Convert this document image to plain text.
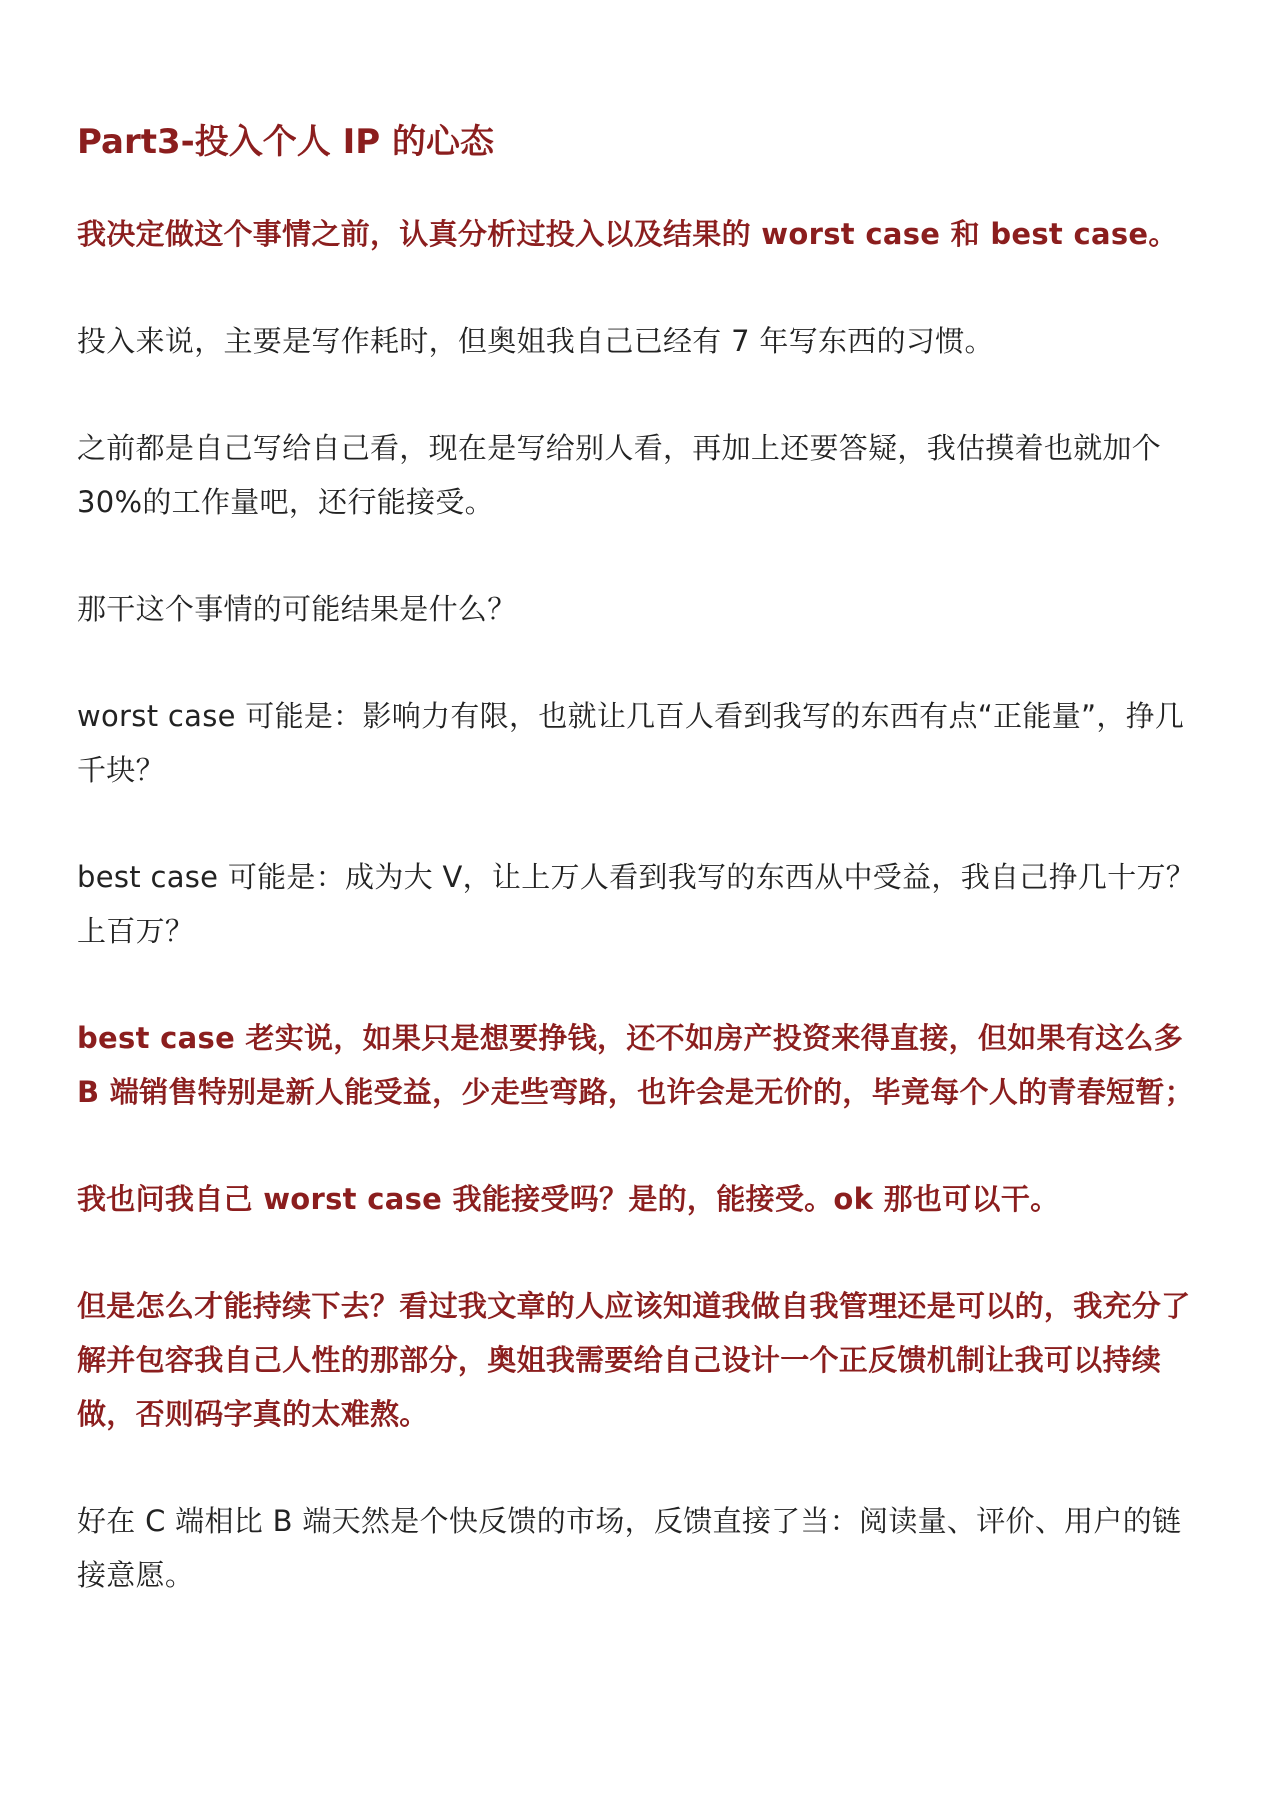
Part3-投入个人 IP 的心态

我决定做这个事情之前，认真分析过投入以及结果的 worst case 和 best case。

投入来说，主要是写作耗时，但奥姐我自己已经有 7 年写东西的习惯。

之前都是自己写给自己看，现在是写给别人看，再加上还要答疑，我估摸着也就加个 30%的工作量吧，还行能接受。

那干这个事情的可能结果是什么？

worst case 可能是：影响力有限，也就让几百人看到我写的东西有点“正能量”，挣几千块？

best case 可能是：成为大 V，让上万人看到我写的东西从中受益，我自己挣几十万？上百万？

best case 老实说，如果只是想要挣钱，还不如房产投资来得直接，但如果有这么多 B 端销售特别是新人能受益，少走些弯路，也许会是无价的，毕竟每个人的青春短暂；

我也问我自己 worst case 我能接受吗？是的，能接受。ok 那也可以干。

但是怎么才能持续下去？看过我文章的人应该知道我做自我管理还是可以的，我充分了解并包容我自己人性的那部分，奥姐我需要给自己设计一个正反馈机制让我可以持续做，否则码字真的太难熬。

好在 C 端相比 B 端天然是个快反馈的市场，反馈直接了当：阅读量、评价、用户的链接意愿。
